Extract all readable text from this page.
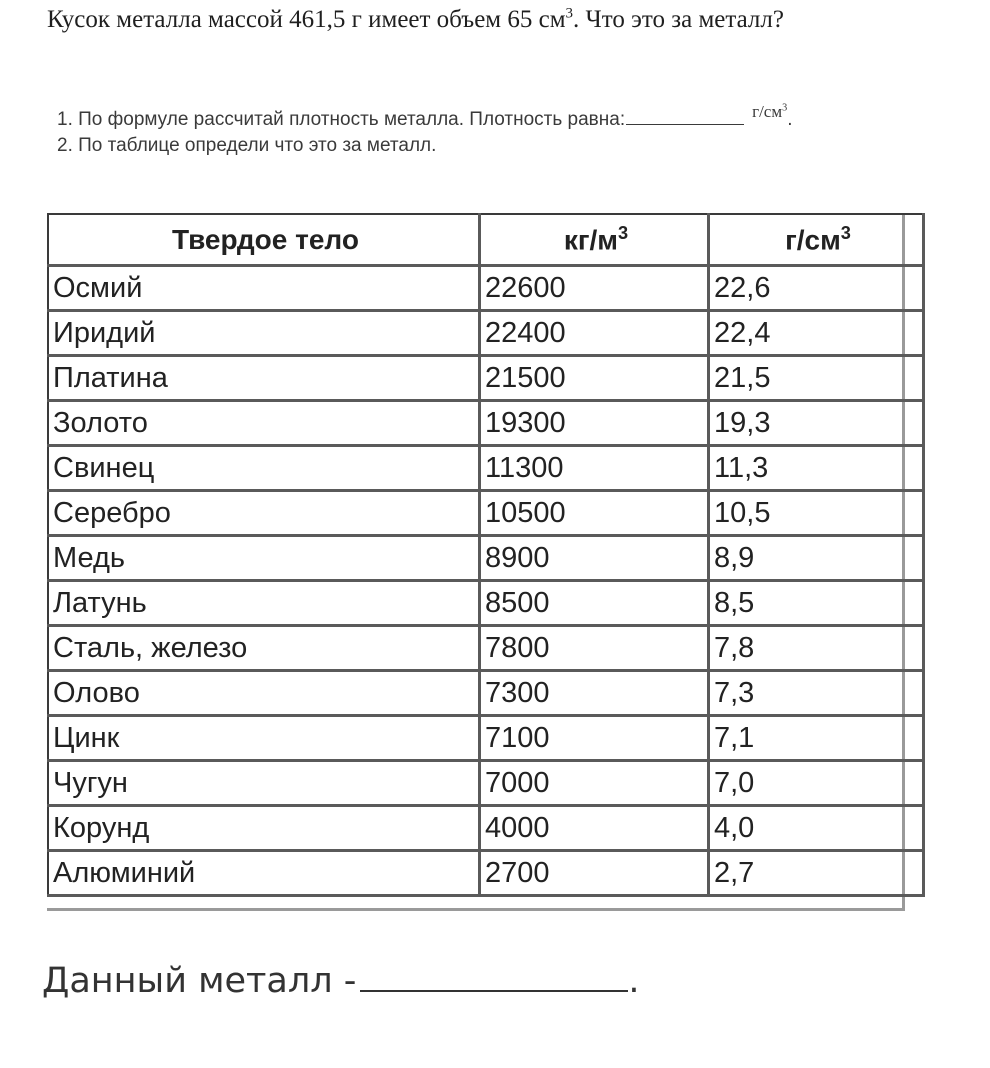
Кусок металла массой 461,5 г имеет объем 65 $см^3$. Что это за металл?
1. По формуле рассчитай плотность металла. Плотность равна:	$г/см^3$.
2. По таблице определи что это за металл.
Твердое тело	$кг/м^3$	$г/см^3$
Осмий	22600	22,6
Иридий	22400	22,4
Платина	21500	21,5
Золото	19300	19,3
Свинец	11300	11,3
Серебро	10500	10,5
Медь	8900	8,9
Латунь	8500	8,5
Сталь, железо	7800	7,8
Олово	7300	7,3
Цинк	7100	7,1
Чугун	7000	7,0
Корунд	4000	4,0
Алюминий	2700	2,7
Данный металл -	.
